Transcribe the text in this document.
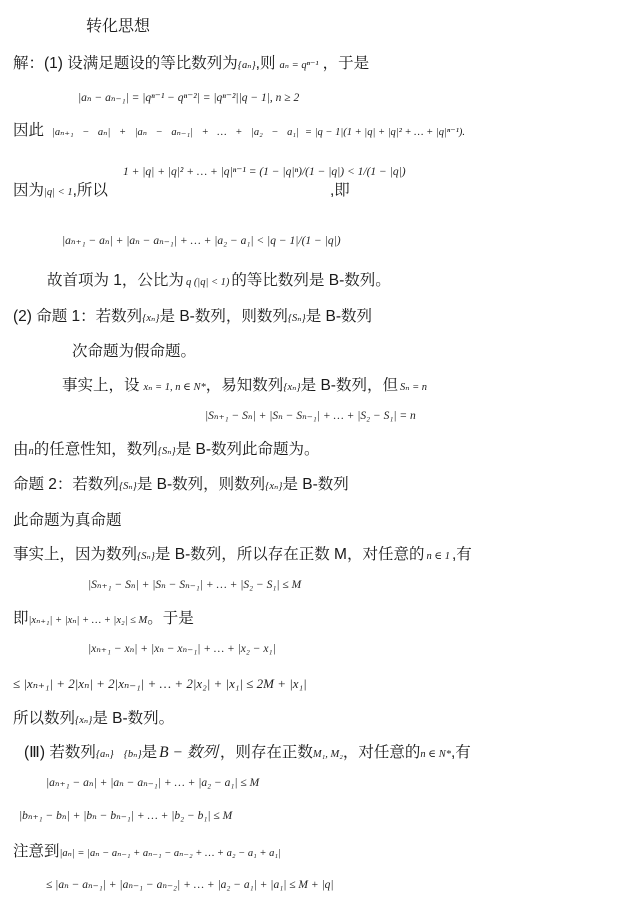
转化思想
解：(1) 设满足题设的等比数列为{aₙ},则 aₙ = qⁿ⁻¹ ，于是
|aₙ − aₙ₋₁| = |qⁿ⁻¹ − qⁿ⁻²| = |qⁿ⁻²||q − 1|, n ≥ 2
因此 |aₙ₊₁ − aₙ| + |aₙ − aₙ₋₁| + … + |a₂ − a₁| = |q − 1|(1 + |q| + |q|² + … + |q|ⁿ⁻¹).
因为|q| < 1,所以
1 + |q| + |q|² + … + |q|ⁿ⁻¹ = (1 − |q|ⁿ)/(1 − |q|) < 1/(1 − |q|)
,即
|aₙ₊₁ − aₙ| + |aₙ − aₙ₋₁| + … + |a₂ − a₁| < |q − 1|/(1 − |q|)
故首项为 1，公比为 q (|q| < 1) 的等比数列是 B-数列。
(2) 命题 1：若数列{xₙ}是 B-数列，则数列{Sₙ}是 B-数列
次命题为假命题。
事实上，设 xₙ = 1, n ∈ N*，易知数列{xₙ}是 B-数列，但 Sₙ = n
|Sₙ₊₁ − Sₙ| + |Sₙ − Sₙ₋₁| + … + |S₂ − S₁| = n
由n的任意性知，数列{Sₙ}是 B-数列此命题为。
命题 2：若数列{Sₙ}是 B-数列，则数列{xₙ}是 B-数列
此命题为真命题
事实上，因为数列{Sₙ}是 B-数列，所以存在正数 M，对任意的 n ∈ 1 ,有
|Sₙ₊₁ − Sₙ| + |Sₙ − Sₙ₋₁| + … + |S₂ − S₁| ≤ M
即|xₙ₊₁| + |xₙ| + … + |x₂| ≤ M。于是
|xₙ₊₁ − xₙ| + |xₙ − xₙ₋₁| + … + |x₂ − x₁|
≤ |xₙ₊₁| + 2|xₙ| + 2|xₙ₋₁| + … + 2|x₂| + |x₁| ≤ 2M + |x₁|
所以数列{xₙ}是 B-数列。
(Ⅲ) 若数列{aₙ} {bₙ}是 B − 数列 ，则存在正数M₁, M₂，对任意的n ∈ N*,有
|aₙ₊₁ − aₙ| + |aₙ − aₙ₋₁| + … + |a₂ − a₁| ≤ M
|bₙ₊₁ − bₙ| + |bₙ − bₙ₋₁| + … + |b₂ − b₁| ≤ M
注意到|aₙ| = |aₙ − aₙ₋₁ + aₙ₋₁ − aₙ₋₂ + … + a₂ − a₁ + a₁|
≤ |aₙ − aₙ₋₁| + |aₙ₋₁ − aₙ₋₂| + … + |a₂ − a₁| + |a₁| ≤ M + |q|
